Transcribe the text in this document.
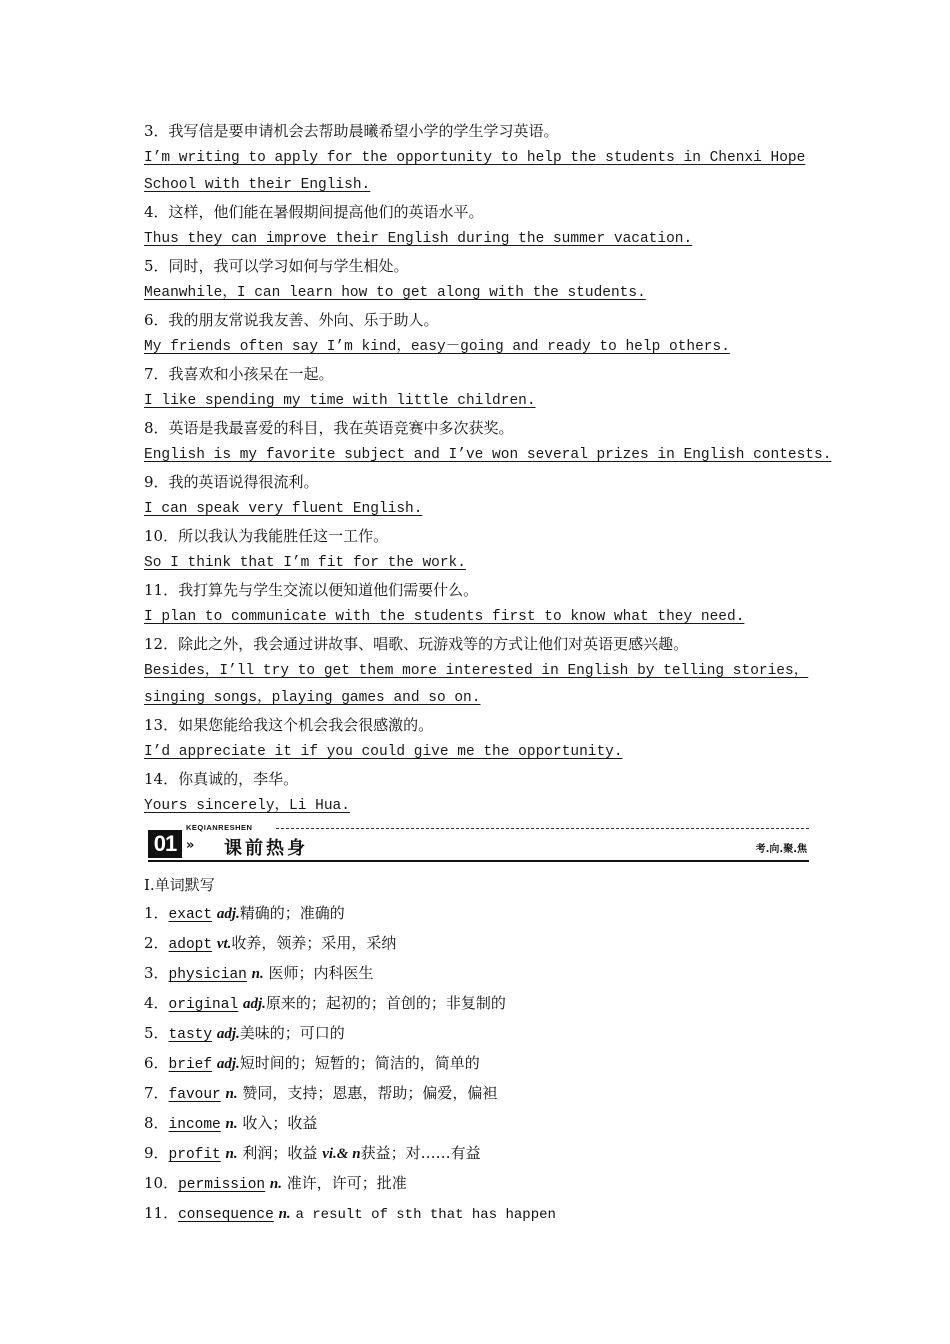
3．我写信是要申请机会去帮助晨曦希望小学的学生学习英语。
I’m writing to apply for the opportunity to help the students in Chenxi Hope School with their English.
4．这样，他们能在暑假期间提高他们的英语水平。
Thus they can improve their English during the summer vacation.
5．同时，我可以学习如何与学生相处。
Meanwhile，I can learn how to get along with the students.
6．我的朋友常说我友善、外向、乐于助人。
My friends often say I’m kind，easy－going and ready to help others.
7．我喜欢和小孩呆在一起。
I like spending my time with little children.
8．英语是我最喜爱的科目，我在英语竞赛中多次获奖。
English is my favorite subject and I’ve won several prizes in English contests.
9．我的英语说得很流利。
I can speak very fluent English.
10．所以我认为我能胜任这一工作。
So I think that I’m fit for the work.
11．我打算先与学生交流以便知道他们需要什么。
I plan to communicate with the students first to know what they need.
12．除此之外，我会通过讲故事、唱歌、玩游戏等的方式让他们对英语更感兴趣。
Besides，I’ll try to get them more interested in English by telling stories，singing songs，playing games and so on.
13．如果您能给我这个机会我会很感激的。
I’d appreciate it if you could give me the opportunity.
14．你真诚的，李华。
Yours sincerely，Li Hua.
KEQIANRESHEN
01 » 课前热身	考.向.聚.焦
Ⅰ.单词默写
1．exact adj.精确的；准确的
2．adopt vt.收养，领养；采用，采纳
3．physician n. 医师；内科医生
4．original adj.原来的；起初的；首创的；非复制的
5．tasty adj.美味的；可口的
6．brief adj.短时间的；短暂的；简洁的，简单的
7．favour n. 赞同，支持；恩惠，帮助；偏爱，偏袒
8．income n. 收入；收益
9．profit n. 利润；收益 vi.& n获益；对……有益
10．permission n. 准许，许可；批准
11．consequence n. a result of sth that has happen
